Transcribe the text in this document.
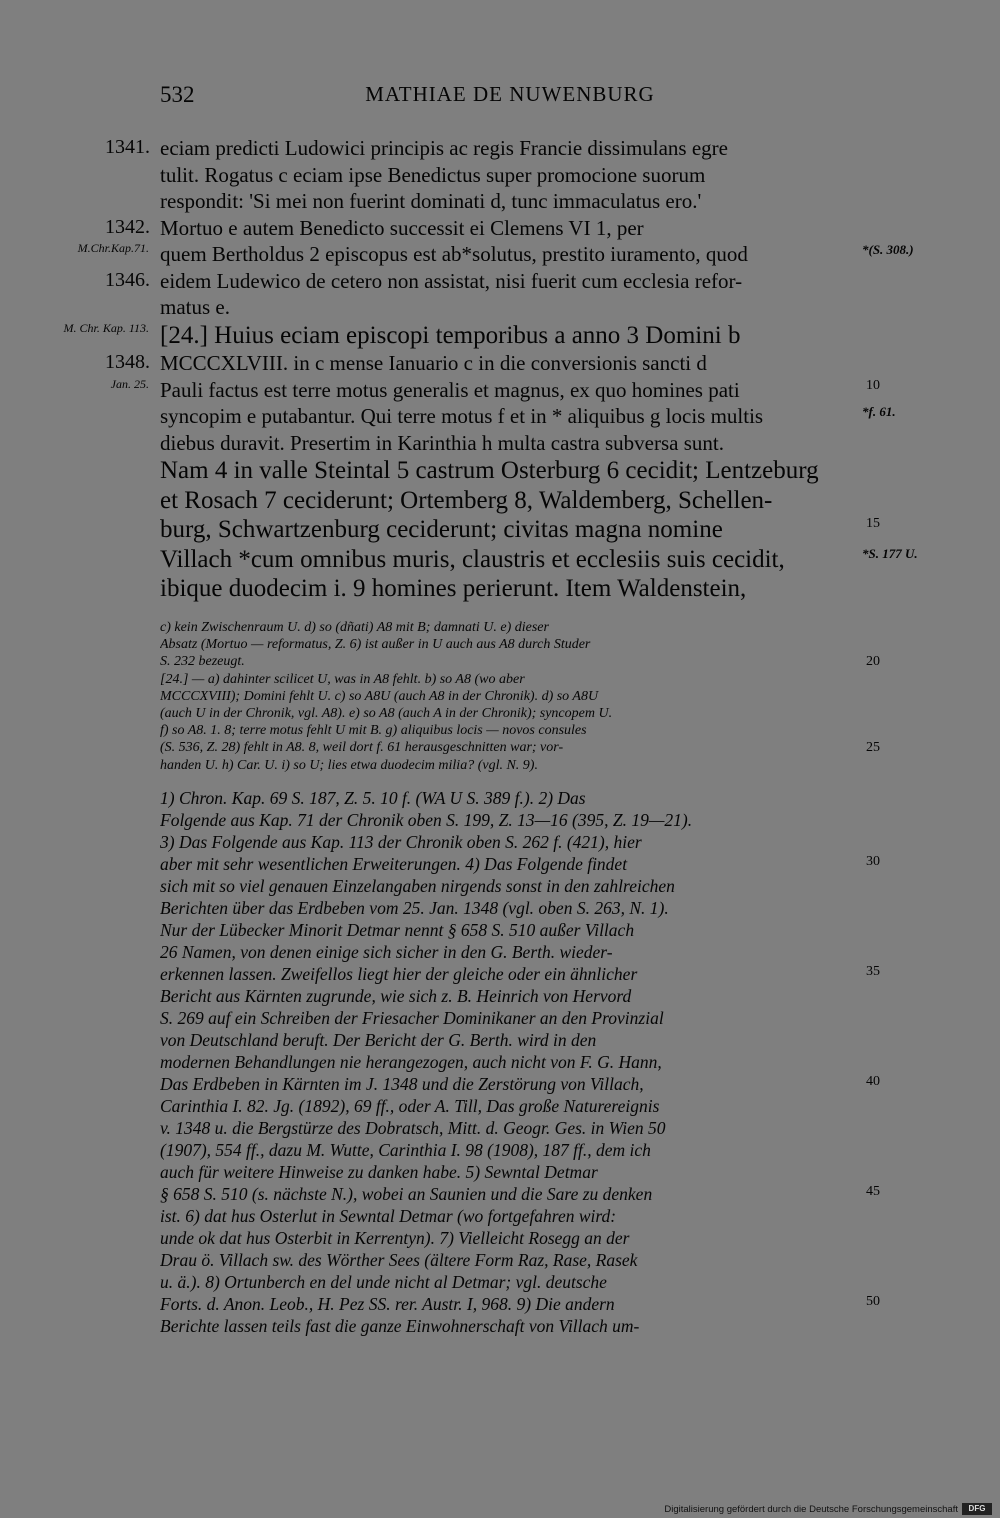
532	MATHIAE DE NUWENBURG
1341. eciam predicti Ludowici principis ac regis Francie dissimulans egre
tulit. Rogatus c eciam ipse Benedictus super promocione suorum
respondit: 'Si mei non fuerint dominati d, tunc immaculatus ero.'
1342. Mortuo e autem Benedicto successit ei Clemens VI 1, per
M.Chr.Kap.71. quem Bertholdus 2 episcopus est ab*solutus, prestito iuramento, quod	*(S. 308.)
1346. eidem Ludewico de cetero non assistat, nisi fuerit cum ecclesia refor-
matus e.
M. Chr. Kap. 113. [24.] Huius eciam episcopi temporibus a anno 3 Domini b
1348. MCCCXLVIII. in c mense Ianuario c in die conversionis sancti d
Jan. 25. Pauli factus est terre motus generalis et magnus, ex quo homines pati	10
syncopim e putabantur. Qui terre motus f et in * aliquibus g locis multis	*f. 61.
diebus duravit. Presertim in Karinthia h multa castra subversa sunt.
Nam 4 in valle Steintal 5 castrum Osterburg 6 cecidit; Lentzeburg
et Rosach 7 ceciderunt; Ortemberg 8, Waldemberg, Schellen-
burg, Schwartzenburg ceciderunt; civitas magna nomine	15
Villach *cum omnibus muris, claustris et ecclesiis suis cecidit,	*S. 177 U.
ibique duodecim i. 9 homines perierunt. Item Waldenstein,
c) kein Zwischenraum U. d) so (dñati) A8 mit B; damnati U. e) dieser
Absatz (Mortuo — reformatus, Z. 6) ist außer in U auch aus A8 durch Studer
S. 232 bezeugt.	20
[24.] — a) dahinter scilicet U, was in A8 fehlt. b) so A8 (wo aber
MCCCXVIII); Domini fehlt U. c) so A8U (auch A8 in der Chronik). d) so A8U
(auch U in der Chronik, vgl. A8). e) so A8 (auch A in der Chronik); syncopem U.
f) so A8. 1. 8; terre motus fehlt U mit B. g) aliquibus locis — novos consules
(S. 536, Z. 28) fehlt in A8. 8, weil dort f. 61 herausgeschnitten war; vor-	25
handen U. h) Car. U. i) so U; lies etwa duodecim milia? (vgl. N. 9).
1) Chron. Kap. 69 S. 187, Z. 5. 10 f. (WA U S. 389 f.). 2) Das
Folgende aus Kap. 71 der Chronik oben S. 199, Z. 13—16 (395, Z. 19—21).
3) Das Folgende aus Kap. 113 der Chronik oben S. 262 f. (421), hier
aber mit sehr wesentlichen Erweiterungen. 4) Das Folgende findet	30
sich mit so viel genauen Einzelangaben nirgends sonst in den zahlreichen
Berichten über das Erdbeben vom 25. Jan. 1348 (vgl. oben S. 263, N. 1).
Nur der Lübecker Minorit Detmar nennt § 658 S. 510 außer Villach
26 Namen, von denen einige sich sicher in den G. Berth. wieder-
erkennen lassen. Zweifellos liegt hier der gleiche oder ein ähnlicher	35
Bericht aus Kärnten zugrunde, wie sich z. B. Heinrich von Hervord
S. 269 auf ein Schreiben der Friesacher Dominikaner an den Provinzial
von Deutschland beruft. Der Bericht der G. Berth. wird in den
modernen Behandlungen nie herangezogen, auch nicht von F. G. Hann,
Das Erdbeben in Kärnten im J. 1348 und die Zerstörung von Villach,	40
Carinthia I. 82. Jg. (1892), 69 ff., oder A. Till, Das große Naturereignis
v. 1348 u. die Bergstürze des Dobratsch, Mitt. d. Geogr. Ges. in Wien 50
(1907), 554 ff., dazu M. Wutte, Carinthia I. 98 (1908), 187 ff., dem ich
auch für weitere Hinweise zu danken habe. 5) Sewntal Detmar
§ 658 S. 510 (s. nächste N.), wobei an Saunien und die Sare zu denken	45
ist. 6) dat hus Osterlut in Sewntal Detmar (wo fortgefahren wird:
unde ok dat hus Osterbit in Kerrentyn). 7) Vielleicht Rosegg an der
Drau ö. Villach sw. des Wörther Sees (ältere Form Raz, Rase, Rasek
u. ä.). 8) Ortunberch en del unde nicht al Detmar; vgl. deutsche
Forts. d. Anon. Leob., H. Pez SS. rer. Austr. I, 968. 9) Die andern	50
Berichte lassen teils fast die ganze Einwohnerschaft von Villach um-
Digitalisierung gefördert durch die Deutsche Forschungsgemeinschaft	DFG
